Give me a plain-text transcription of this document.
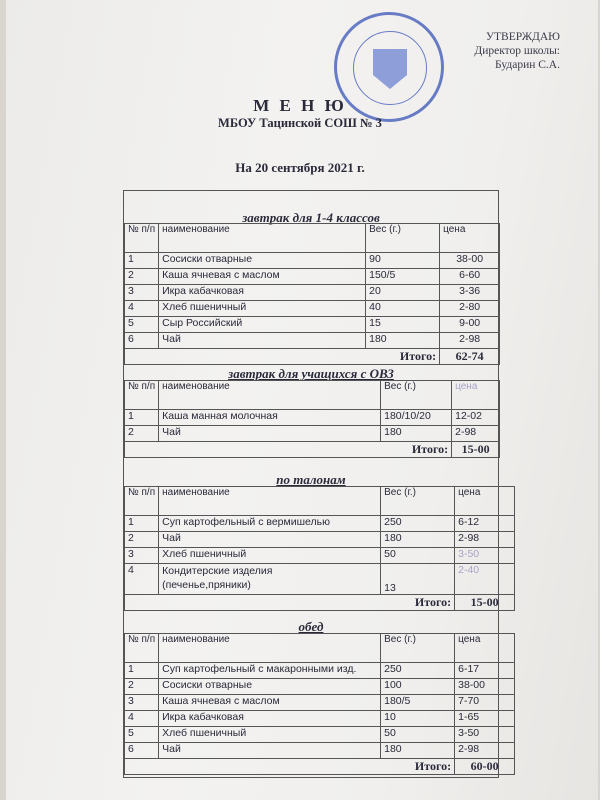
УТВЕРЖДАЮ
Директор школы:
Бударин С.А.
М Е Н Ю
МБОУ Тацинской СОШ № 3
На 20 сентября 2021 г.
завтрак для 1-4 классов
№ п/п	наименование	Вес (г.)	цена
1	Сосиски отварные	90	38-00
2	Каша ячневая с маслом	150/5	6-60
3	Икра кабачковая	20	3-36
4	Хлеб пшеничный	40	2-80
5	Сыр Российский	15	9-00
6	Чай	180	2-98
Итого:			62-74
завтрак для учащихся с ОВЗ
№ п/п	наименование	Вес (г.)	цена
1	Каша манная молочная	180/10/20	12-02
2	Чай	180	2-98
Итого:			15-00
по талонам
№ п/п	наименование	Вес (г.)	цена
1	Суп картофельный с вермишелью	250	6-12
2	Чай	180	2-98
3	Хлеб пшеничный	50	3-50
4	Кондитерские изделия
(печенье,пряники)	13	2-40
Итого:			15-00
обед
№ п/п	наименование	Вес (г.)	цена
1	Суп картофельный с макаронными изд.	250	6-17
2	Сосиски отварные	100	38-00
3	Каша ячневая с маслом	180/5	7-70
4	Икра кабачковая	10	1-65
5	Хлеб пшеничный	50	3-50
6	Чай	180	2-98
Итого:			60-00
